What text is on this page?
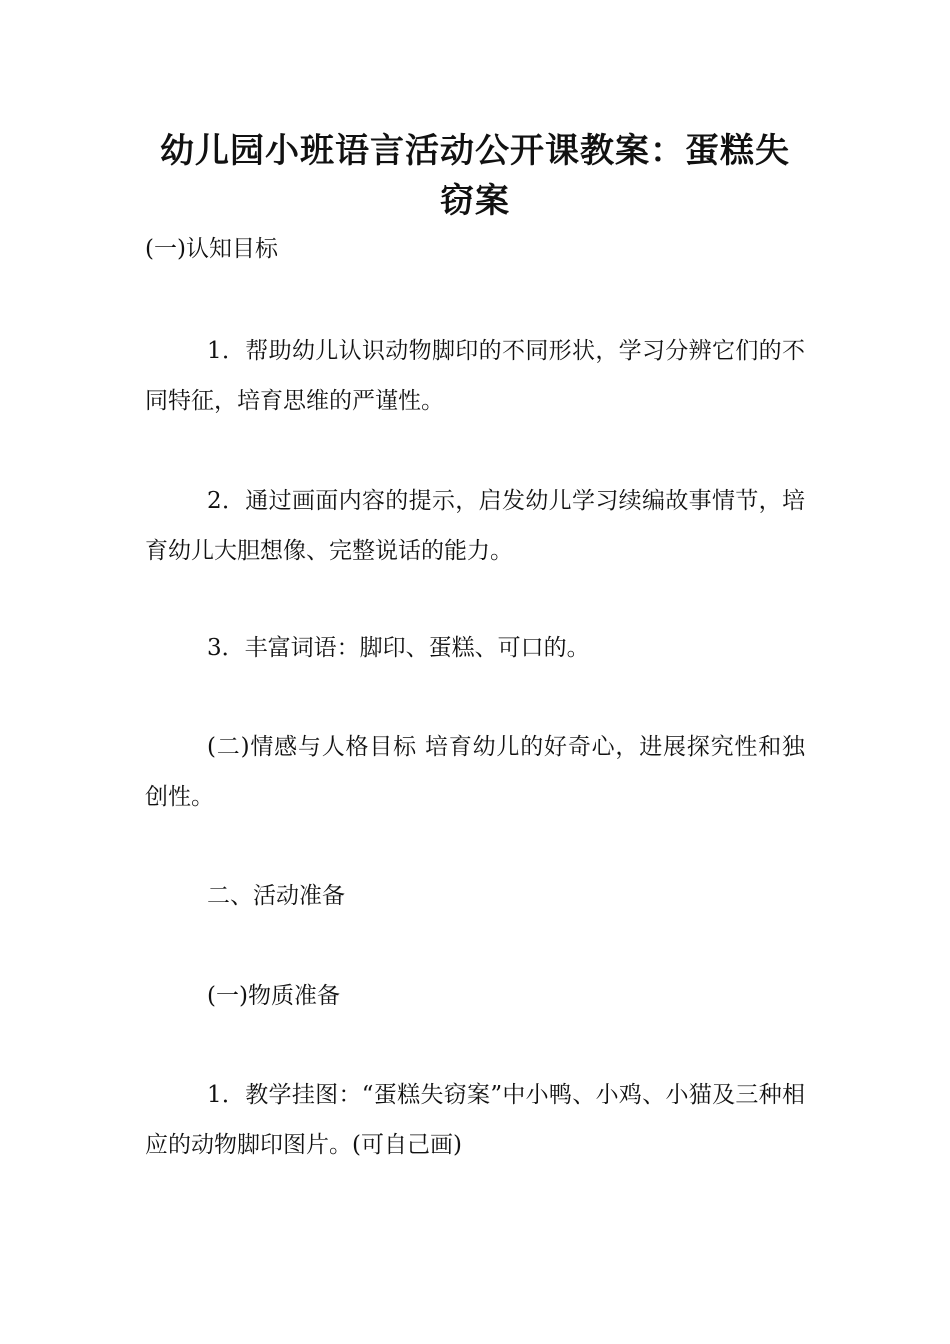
幼儿园小班语言活动公开课教案：蛋糕失窃案

(一)认知目标

1．帮助幼儿认识动物脚印的不同形状，学习分辨它们的不同特征，培育思维的严谨性。

2．通过画面内容的提示，启发幼儿学习续编故事情节，培育幼儿大胆想像、完整说话的能力。

3．丰富词语：脚印、蛋糕、可口的。

(二)情感与人格目标 培育幼儿的好奇心，进展探究性和独创性。

二、活动准备

(一)物质准备

1．教学挂图：“蛋糕失窃案”中小鸭、小鸡、小猫及三种相应的动物脚印图片。(可自己画)
